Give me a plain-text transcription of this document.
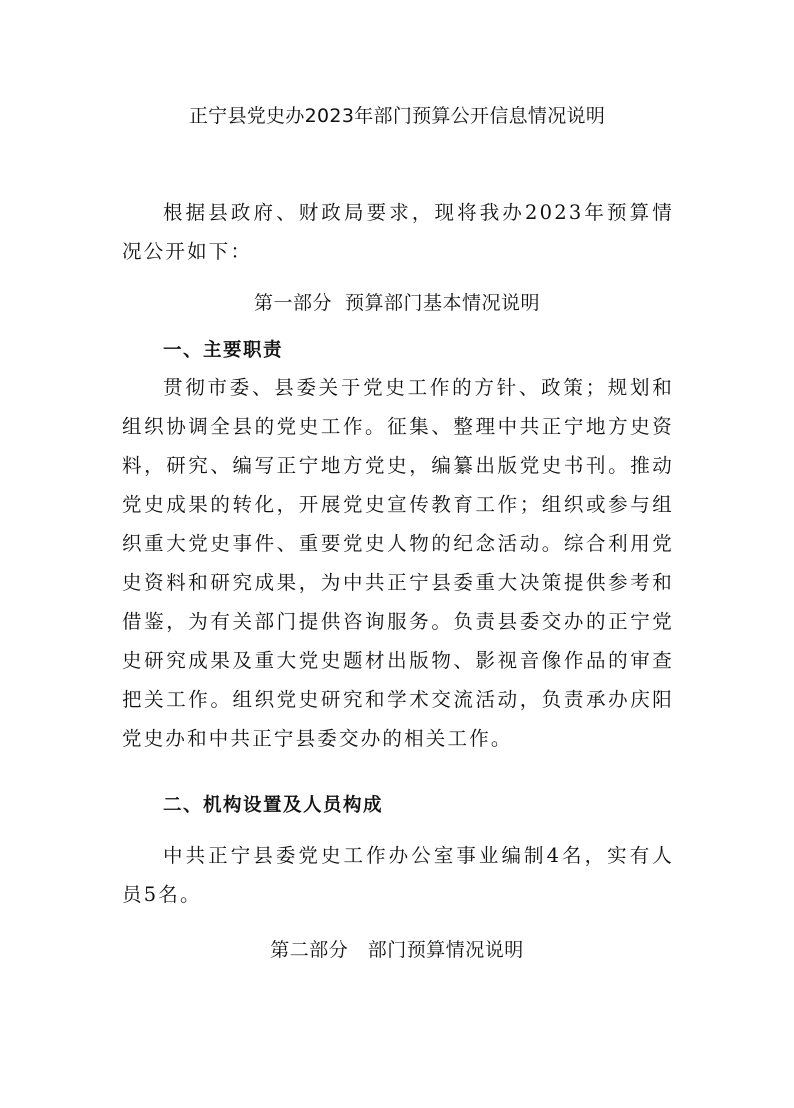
正宁县党史办2023年部门预算公开信息情况说明

根据县政府、财政局要求，现将我办2023年预算情况公开如下：

第一部分  预算部门基本情况说明
一、主要职责

贯彻市委、县委关于党史工作的方针、政策；规划和组织协调全县的党史工作。征集、整理中共正宁地方史资料，研究、编写正宁地方党史，编纂出版党史书刊。推动党史成果的转化，开展党史宣传教育工作；组织或参与组织重大党史事件、重要党史人物的纪念活动。综合利用党史资料和研究成果，为中共正宁县委重大决策提供参考和借鉴，为有关部门提供咨询服务。负责县委交办的正宁党史研究成果及重大党史题材出版物、影视音像作品的审查把关工作。组织党史研究和学术交流活动，负责承办庆阳党史办和中共正宁县委交办的相关工作。

二、机构设置及人员构成

中共正宁县委党史工作办公室事业编制4名，实有人员5名。

第二部分   部门预算情况说明
